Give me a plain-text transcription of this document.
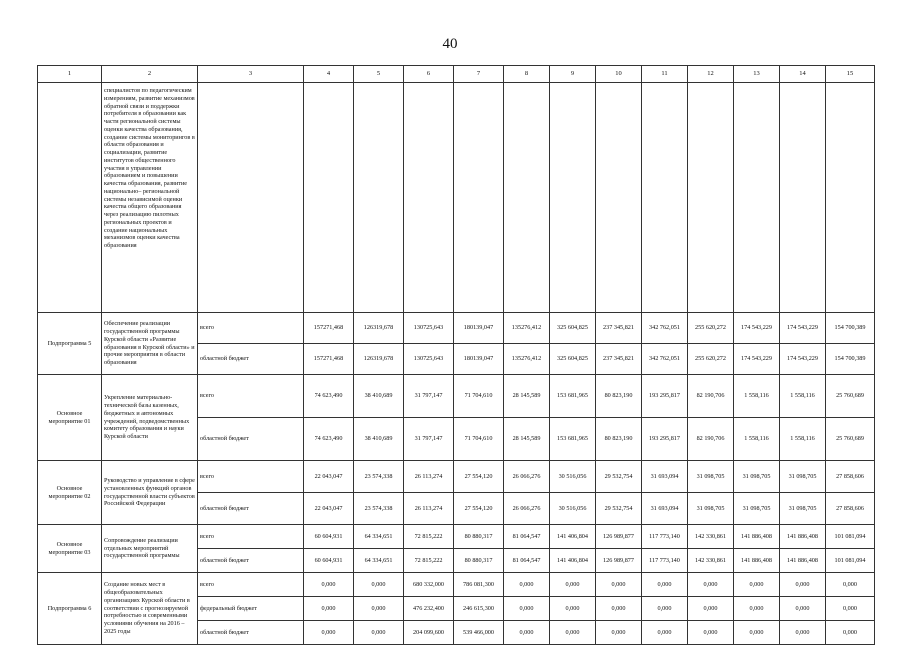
40
1	2	3	4	5	6	7	8	9	10	11	12	13	14	15
	специалистов по педагогическим измерениям, развитие механизмов обратной связи и поддержки потребителя в образовании как части региональной системы оценки качества образования, создание системы мониторингов в области образования и социализации, развитие институтов общественного участия в управлении образованием и повышении качества образования, развитие национально– региональной системы независимой оценки качества общего образования через реализацию пилотных региональных проектов и создание национальных механизмов оценки качества образования													
Подпрограмма 5	Обеспечение реализации государственной программы Курской области «Развитие образования в Курской области» и прочие мероприятия в области образования	всего	157271,468	126319,678	130725,643	180139,047	135276,412	325 604,825	237 345,821	342 762,051	255 620,272	174 543,229	174 543,229	154 700,389
		областной бюджет	157271,468	126319,678	130725,643	180139,047	135276,412	325 604,825	237 345,821	342 762,051	255 620,272	174 543,229	174 543,229	154 700,389
Основное мероприятие 01	Укрепление материально-технической базы казенных, бюджетных и автономных учреждений, подведомственных комитету образования и науки Курской области	всего	74 623,490	38 410,689	31 797,147	71 704,610	28 145,589	153 681,965	80 823,190	193 295,817	82 190,706	1 558,116	1 558,116	25 760,689
		областной бюджет	74 623,490	38 410,689	31 797,147	71 704,610	28 145,589	153 681,965	80 823,190	193 295,817	82 190,706	1 558,116	1 558,116	25 760,689
Основное мероприятие 02	Руководство и управление в сфере установленных функций органов государственной власти субъектов Российской Федерации	всего	22 043,047	23 574,338	26 113,274	27 554,120	26 066,276	30 516,056	29 532,754	31 693,094	31 098,705	31 098,705	31 098,705	27 858,606
		областной бюджет	22 043,047	23 574,338	26 113,274	27 554,120	26 066,276	30 516,056	29 532,754	31 693,094	31 098,705	31 098,705	31 098,705	27 858,606
Основное мероприятие 03	Сопровождение реализации отдельных мероприятий государственной программы	всего	60 604,931	64 334,651	72 815,222	80 880,317	81 064,547	141 406,804	126 989,877	117 773,140	142 330,861	141 886,408	141 886,408	101 081,094
		областной бюджет	60 604,931	64 334,651	72 815,222	80 880,317	81 064,547	141 406,804	126 989,877	117 773,140	142 330,861	141 886,408	141 886,408	101 081,094
Подпрограмма 6	Создание новых мест в общеобразовательных организациях Курской области в соответствии с прогнозируемой потребностью и современными условиями обучения на 2016 – 2025 годы	всего	0,000	0,000	680 332,000	786 081,300	0,000	0,000	0,000	0,000	0,000	0,000	0,000	0,000
		федеральный бюджет	0,000	0,000	476 232,400	246 615,300	0,000	0,000	0,000	0,000	0,000	0,000	0,000	0,000
		областной бюджет	0,000	0,000	204 099,600	539 466,000	0,000	0,000	0,000	0,000	0,000	0,000	0,000	0,000
